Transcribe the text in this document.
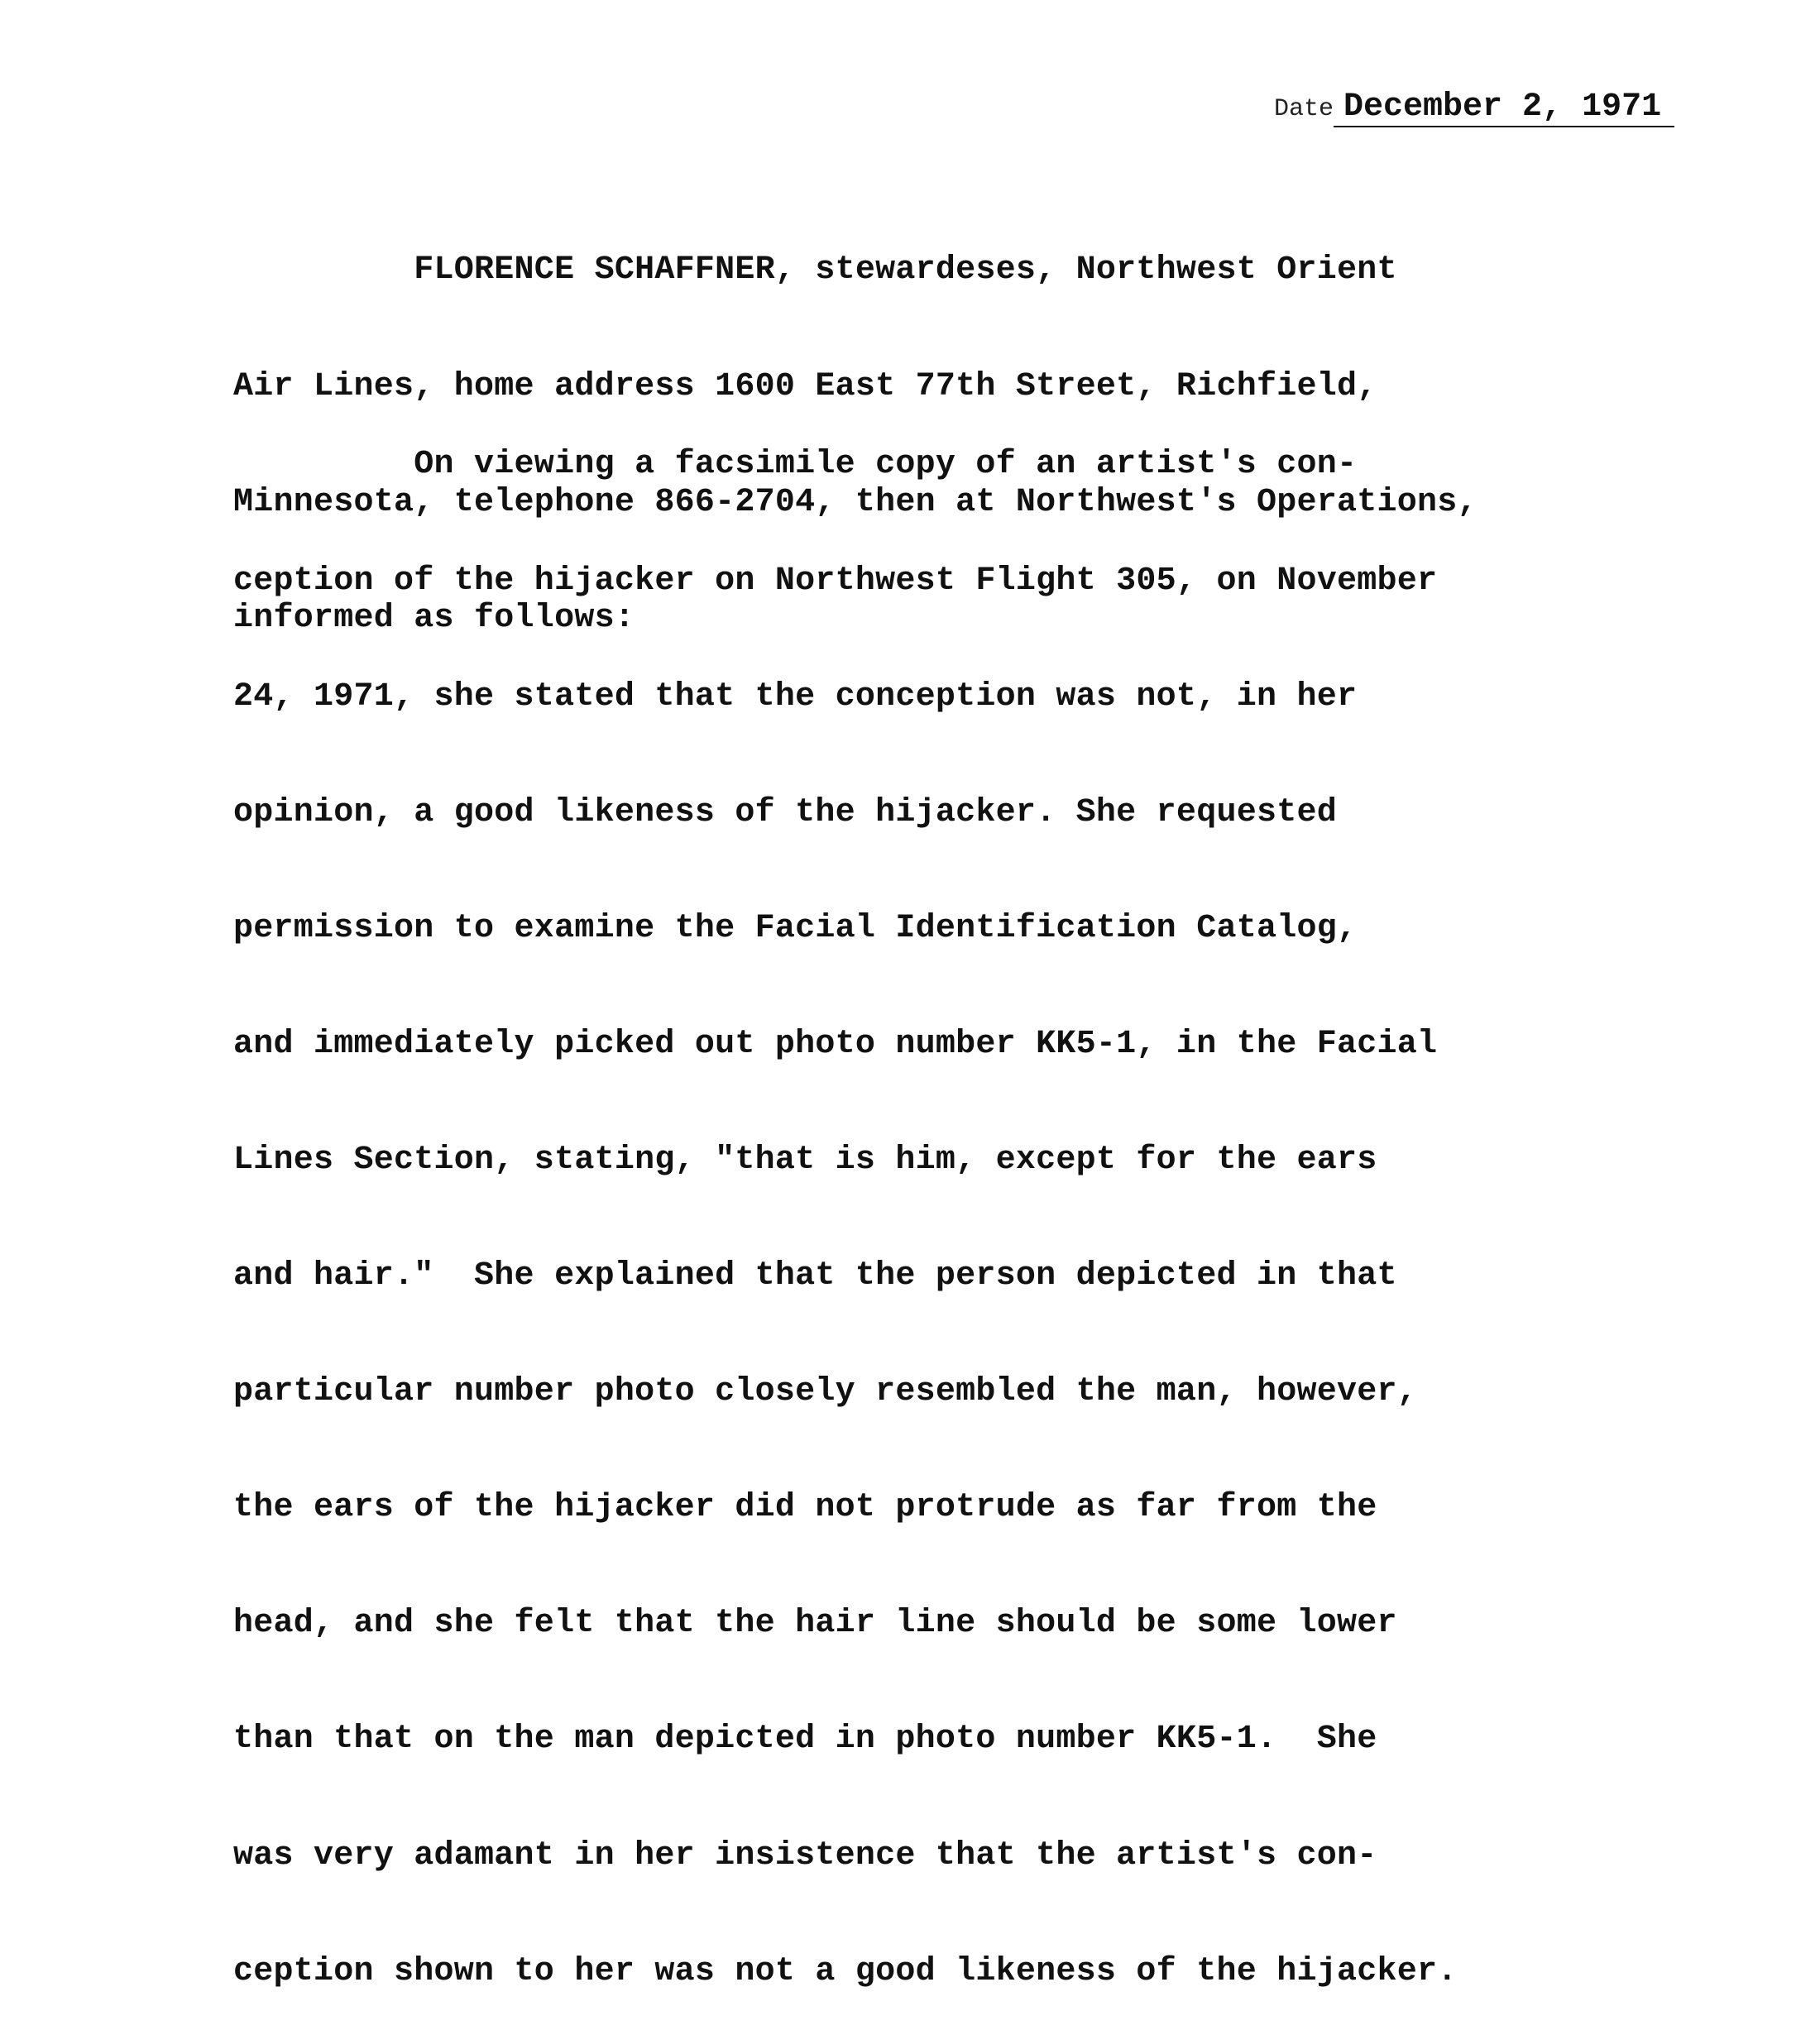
Date December 2, 1971

FLORENCE SCHAFFNER, stewardeses, Northwest Orient

Air Lines, home address 1600 East 77th Street, Richfield,

Minnesota, telephone 866-2704, then at Northwest's Operations,

informed as follows:

On viewing a facsimile copy of an artist's con-

ception of the hijacker on Northwest Flight 305, on November

24, 1971, she stated that the conception was not, in her

opinion, a good likeness of the hijacker. She requested

permission to examine the Facial Identification Catalog,

and immediately picked out photo number KK5-1, in the Facial

Lines Section, stating, "that is him, except for the ears

and hair."  She explained that the person depicted in that

particular number photo closely resembled the man, however,

the ears of the hijacker did not protrude as far from the

head, and she felt that the hair line should be some lower

than that on the man depicted in photo number KK5-1.  She

was very adamant in her insistence that the artist's con-

ception shown to her was not a good likeness of the hijacker.
